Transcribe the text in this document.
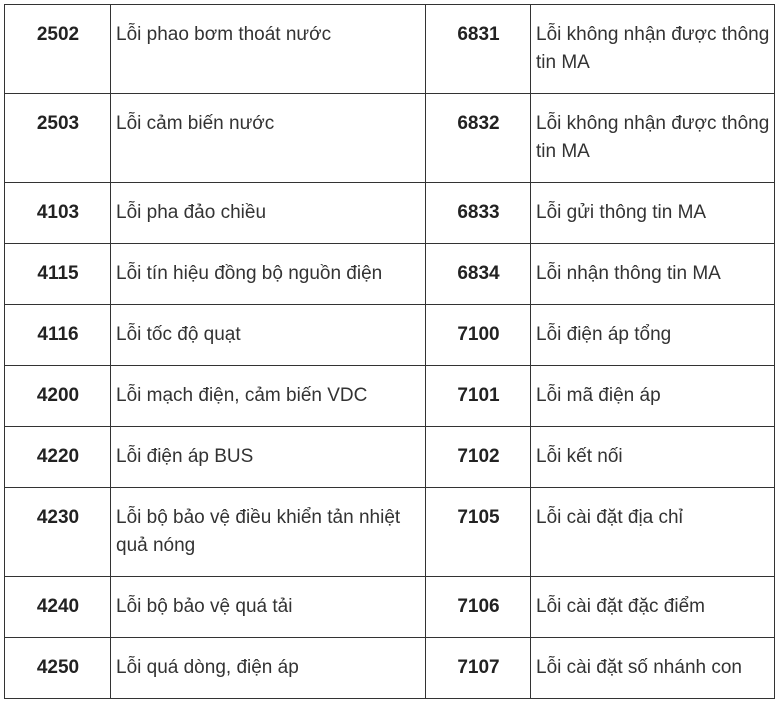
2502	Lỗi phao bơm thoát nước	6831	Lỗi không nhận được thông tin MA
2503	Lỗi cảm biến nước	6832	Lỗi không nhận được thông tin MA
4103	Lỗi pha đảo chiều	6833	Lỗi gửi thông tin MA
4115	Lỗi tín hiệu đồng bộ nguồn điện	6834	Lỗi nhận thông tin MA
4116	Lỗi tốc độ quạt	7100	Lỗi điện áp tổng
4200	Lỗi mạch điện, cảm biến VDC	7101	Lỗi mã điện áp
4220	Lỗi điện áp BUS	7102	Lỗi kết nối
4230	Lỗi bộ bảo vệ điều khiển tản nhiệt quả nóng	7105	Lỗi cài đặt địa chỉ
4240	Lỗi bộ bảo vệ quá tải	7106	Lỗi cài đặt đặc điểm
4250	Lỗi quá dòng, điện áp	7107	Lỗi cài đặt số nhánh con
